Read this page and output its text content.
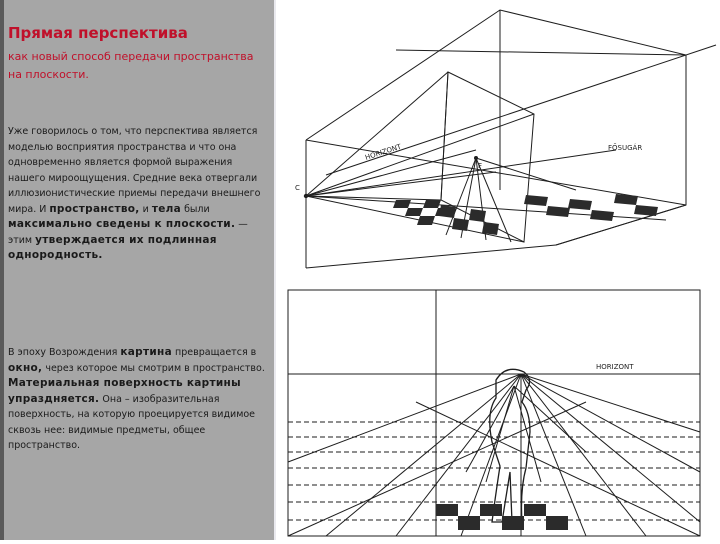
Прямая перспектива
как новый способ передачи пространства на плоскости.
Уже говорилось о том, что перспектива является моделью восприятия пространства и что она одновременно является формой выражения нашего мироощущения. Средние века отвергали иллюзионистические приемы передачи внешнего мира. И пространство, и тела были максимально сведены к плоскости. —этим утверждается их подлинная однородность.
В эпоху Возрождения картина превращается в окно, через которое мы смотрим в пространство. Материальная поверхность картины упраздняется. Она – изобразительная поверхность, на которую проецируется видимое сквозь нее: видимые предметы, общее пространство.
HORIZONT	FŐSUGÁR
C
F
HORIZONT
